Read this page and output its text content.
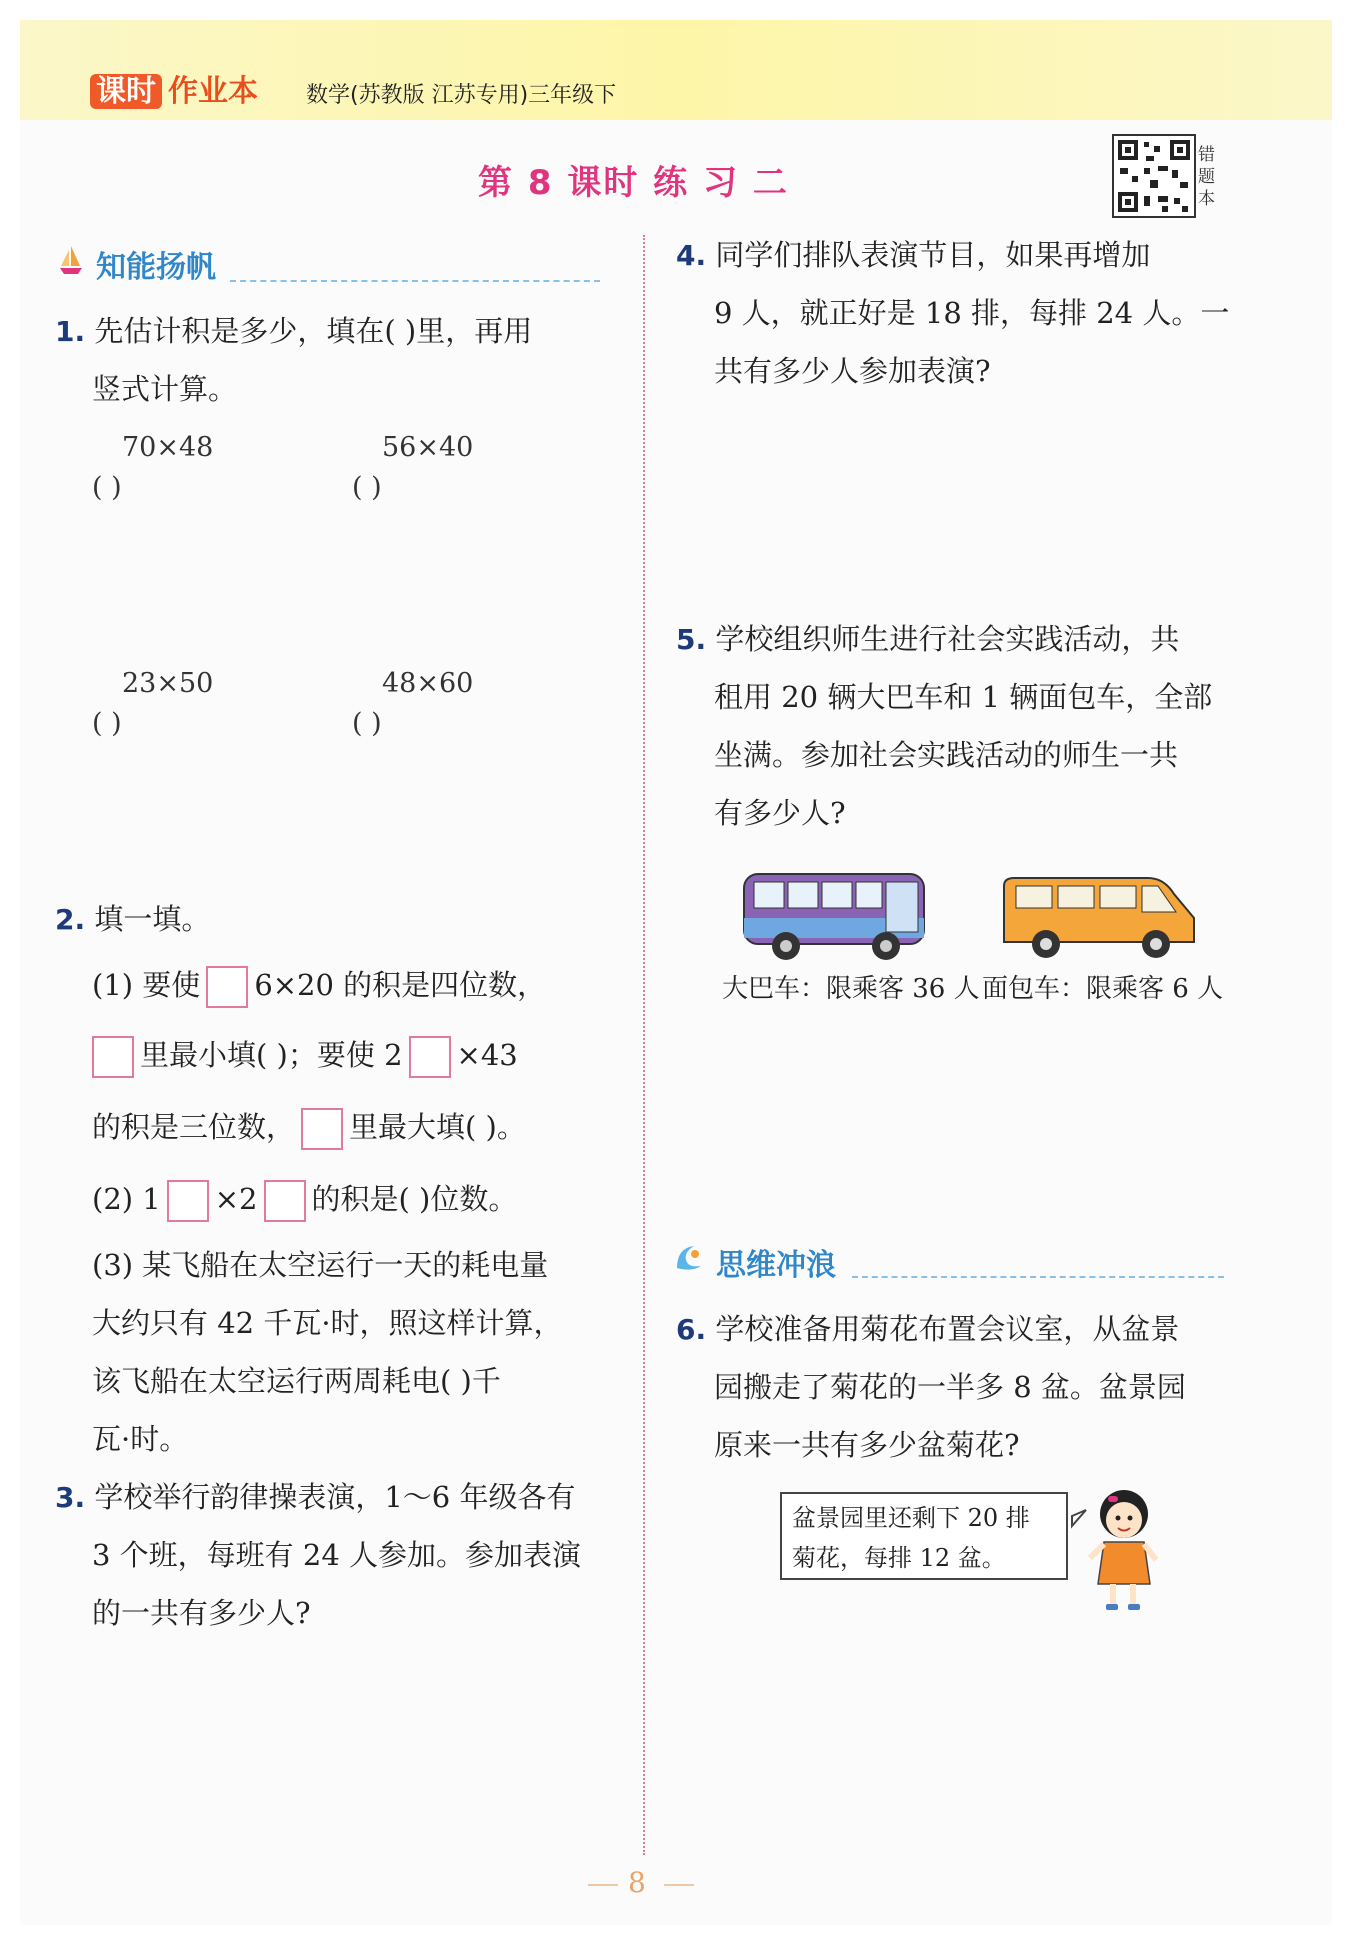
课时 作业本 数学(苏教版 江苏专用)三年级下
第 8 课时 练 习 二
错题本
知能扬帆
1. 先估计积是多少，填在( )里，再用
竖式计算。
70×48
( )
56×40
( )
23×50
( )
48×60
( )
2. 填一填。
(1) 要使 6×20 的积是四位数，
里最小填( )；要使 2 ×43
的积是三位数， 里最大填( )。
(2) 1 ×2 的积是( )位数。
(3) 某飞船在太空运行一天的耗电量
大约只有 42 千瓦·时，照这样计算，
该飞船在太空运行两周耗电( )千
瓦·时。
3. 学校举行韵律操表演，1～6 年级各有
3 个班，每班有 24 人参加。参加表演
的一共有多少人?
4. 同学们排队表演节目，如果再增加
9 人，就正好是 18 排，每排 24 人。一
共有多少人参加表演?
5. 学校组织师生进行社会实践活动，共
租用 20 辆大巴车和 1 辆面包车，全部
坐满。参加社会实践活动的师生一共
有多少人?
大巴车：限乘客 36 人 面包车：限乘客 6 人
思维冲浪
6. 学校准备用菊花布置会议室，从盆景
园搬走了菊花的一半多 8 盆。盆景园
原来一共有多少盆菊花?
盆景园里还剩下 20 排
菊花，每排 12 盆。
8
